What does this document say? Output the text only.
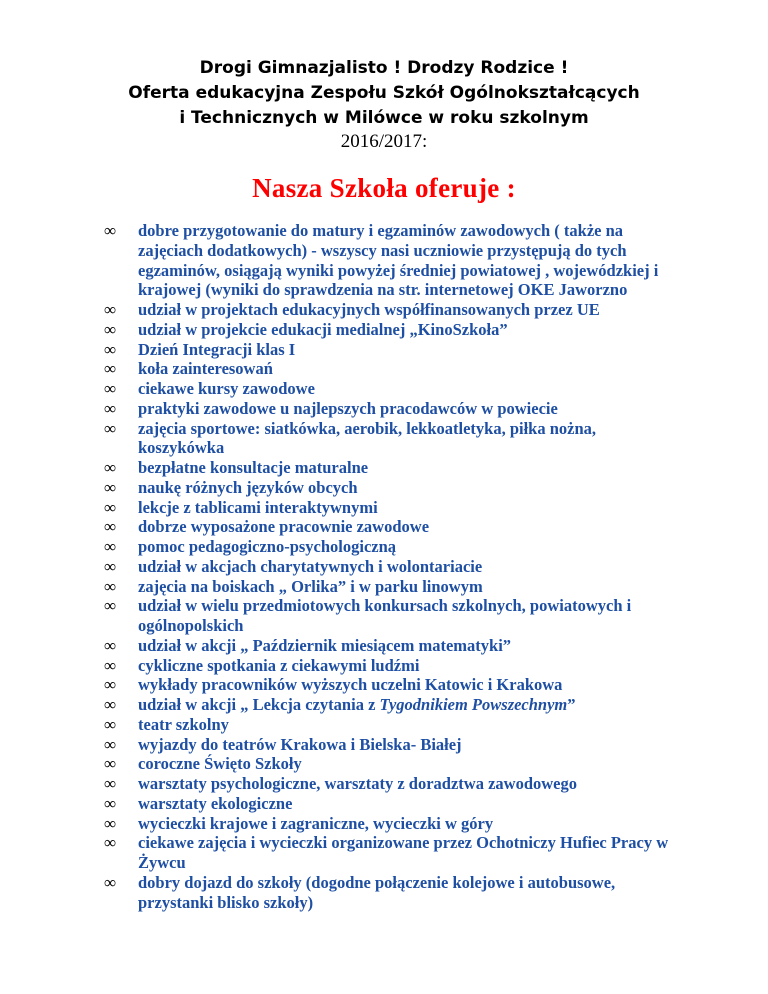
Drogi Gimnazjalisto ! Drodzy Rodzice !
Oferta edukacyjna Zespołu Szkół Ogólnokształcących
i Technicznych w Milówce w roku szkolnym
2016/2017:
Nasza Szkoła oferuje :
∞ dobre przygotowanie do matury i egzaminów zawodowych ( także na zajęciach dodatkowych) - wszyscy nasi uczniowie przystępują do tych egzaminów, osiągają wyniki powyżej średniej powiatowej , wojewódzkiej i krajowej (wyniki do sprawdzenia na str. internetowej OKE Jaworzno
∞ udział w projektach edukacyjnych współfinansowanych przez UE
∞ udział w projekcie edukacji medialnej „KinoSzkoła”
∞ Dzień Integracji klas I
∞ koła zainteresowań
∞ ciekawe kursy zawodowe
∞ praktyki zawodowe u najlepszych pracodawców w powiecie
∞ zajęcia sportowe: siatkówka, aerobik, lekkoatletyka, piłka nożna, koszykówka
∞ bezpłatne konsultacje maturalne
∞ naukę różnych języków obcych
∞ lekcje z tablicami interaktywnymi
∞ dobrze wyposażone pracownie zawodowe
∞ pomoc pedagogiczno-psychologiczną
∞ udział w akcjach charytatywnych i wolontariacie
∞ zajęcia na boiskach „ Orlika” i w parku linowym
∞ udział w wielu przedmiotowych konkursach szkolnych, powiatowych i ogólnopolskich
∞ udział w akcji „ Październik miesiącem matematyki”
∞ cykliczne spotkania z ciekawymi ludźmi
∞ wykłady pracowników wyższych uczelni Katowic i Krakowa
∞ udział w akcji „ Lekcja czytania z Tygodnikiem Powszechnym”
∞ teatr szkolny
∞ wyjazdy do teatrów Krakowa i Bielska- Białej
∞ coroczne Święto Szkoły
∞ warsztaty psychologiczne, warsztaty z doradztwa zawodowego
∞ warsztaty ekologiczne
∞ wycieczki krajowe i zagraniczne, wycieczki w góry
∞ ciekawe zajęcia i wycieczki organizowane przez Ochotniczy Hufiec Pracy w Żywcu
∞ dobry dojazd do szkoły (dogodne połączenie kolejowe i autobusowe, przystanki blisko szkoły)
